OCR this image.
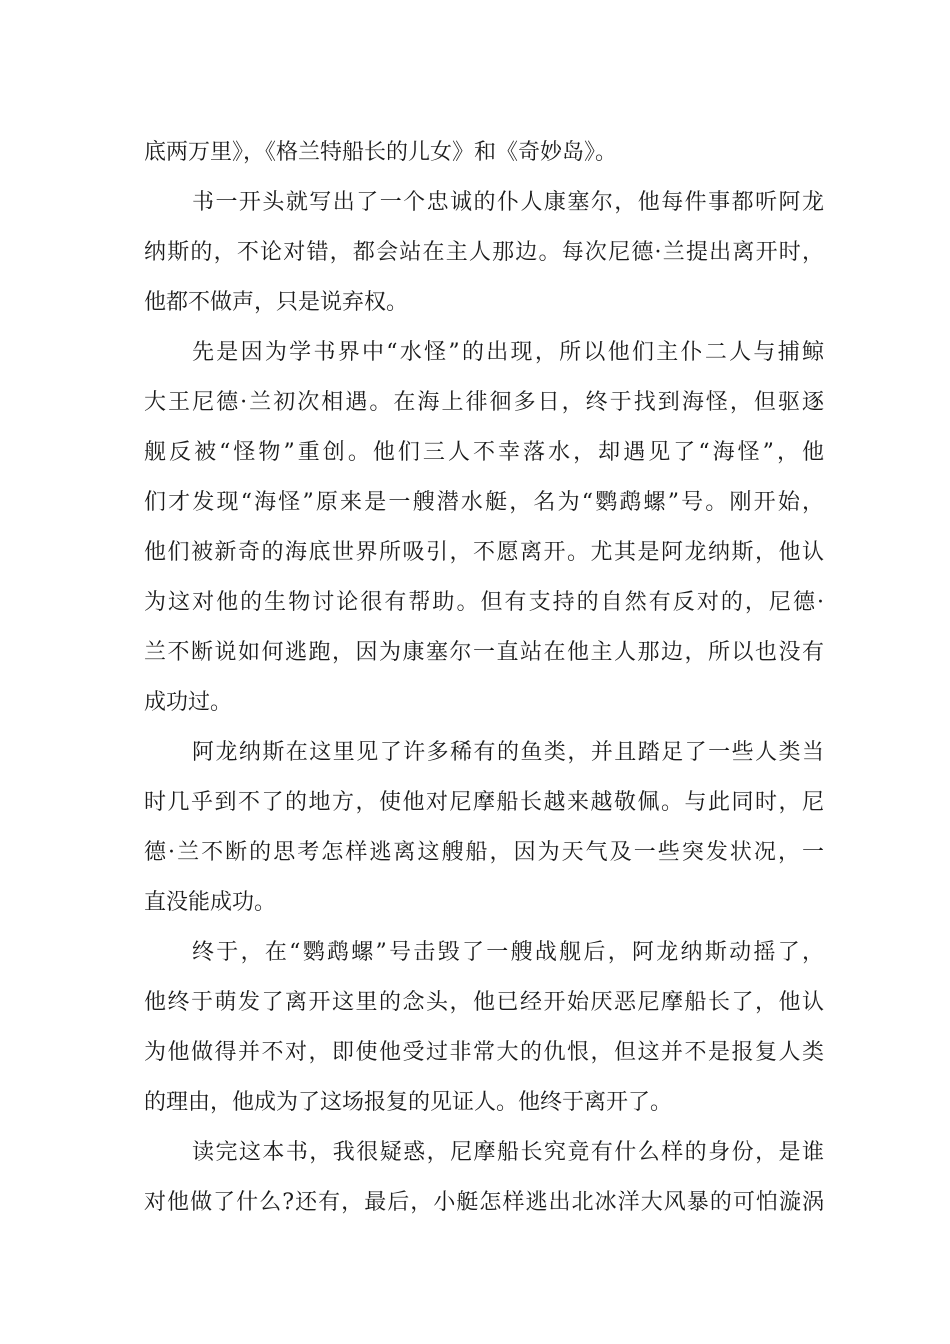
底两万里》，《格兰特船长的儿女》和《奇妙岛》。
书一开头就写出了一个忠诚的仆人康塞尔，他每件事都听阿龙
纳斯的，不论对错，都会站在主人那边。每次尼德·兰提出离开时，
他都不做声，只是说弃权。
先是因为学书界中“水怪”的出现，所以他们主仆二人与捕鲸
大王尼德·兰初次相遇。在海上徘徊多日，终于找到海怪，但驱逐
舰反被“怪物”重创。他们三人不幸落水，却遇见了“海怪”，他
们才发现“海怪”原来是一艘潜水艇，名为“鹦鹉螺”号。刚开始，
他们被新奇的海底世界所吸引，不愿离开。尤其是阿龙纳斯，他认
为这对他的生物讨论很有帮助。但有支持的自然有反对的，尼德·
兰不断说如何逃跑，因为康塞尔一直站在他主人那边，所以也没有
成功过。
阿龙纳斯在这里见了许多稀有的鱼类，并且踏足了一些人类当
时几乎到不了的地方，使他对尼摩船长越来越敬佩。与此同时，尼
德·兰不断的思考怎样逃离这艘船，因为天气及一些突发状况，一
直没能成功。
终于，在“鹦鹉螺”号击毁了一艘战舰后，阿龙纳斯动摇了，
他终于萌发了离开这里的念头，他已经开始厌恶尼摩船长了，他认
为他做得并不对，即使他受过非常大的仇恨，但这并不是报复人类
的理由，他成为了这场报复的见证人。他终于离开了。
读完这本书，我很疑惑，尼摩船长究竟有什么样的身份，是谁
对他做了什么?还有，最后，小艇怎样逃出北冰洋大风暴的可怕漩涡
